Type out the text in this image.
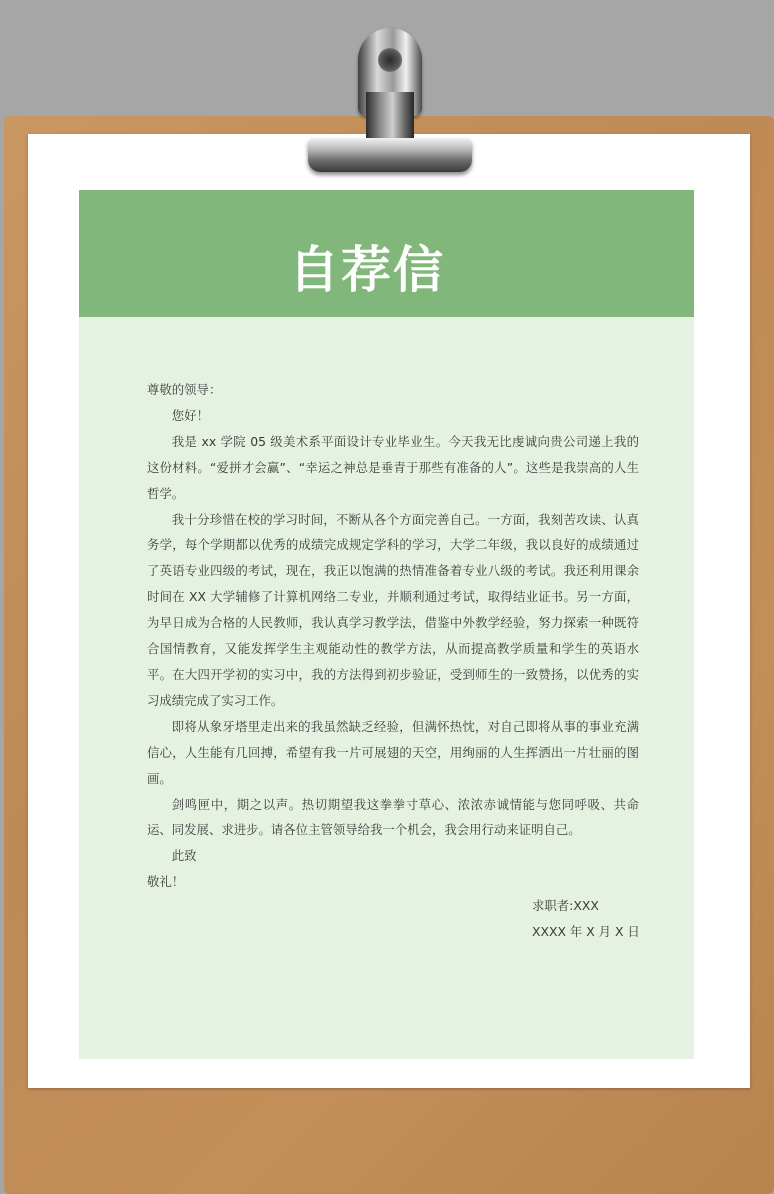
自荐信

尊敬的领导：

您好！

我是 xx 学院 05 级美术系平面设计专业毕业生。今天我无比虔诚向贵公司递上我的这份材料。“爱拼才会赢”、“幸运之神总是垂青于那些有准备的人”。这些是我崇高的人生哲学。

我十分珍惜在校的学习时间，不断从各个方面完善自己。一方面，我刻苦攻读、认真务学，每个学期都以优秀的成绩完成规定学科的学习，大学二年级，我以良好的成绩通过了英语专业四级的考试，现在，我正以饱满的热情准备着专业八级的考试。我还利用课余时间在 XX 大学辅修了计算机网络二专业，并顺利通过考试，取得结业证书。另一方面，为早日成为合格的人民教师，我认真学习教学法，借鉴中外教学经验，努力探索一种既符合国情教育，又能发挥学生主观能动性的教学方法，从而提高教学质量和学生的英语水平。在大四开学初的实习中，我的方法得到初步验证，受到师生的一致赞扬，以优秀的实习成绩完成了实习工作。

即将从象牙塔里走出来的我虽然缺乏经验，但满怀热忱，对自己即将从事的事业充满信心，人生能有几回搏，希望有我一片可展翅的天空，用绚丽的人生挥洒出一片壮丽的图画。

剑鸣匣中，期之以声。热切期望我这拳拳寸草心、浓浓赤诚情能与您同呼吸、共命运、同发展、求进步。请各位主管领导给我一个机会，我会用行动来证明自己。

此致

敬礼！

求职者:XXX

XXXX 年 X 月 X 日
